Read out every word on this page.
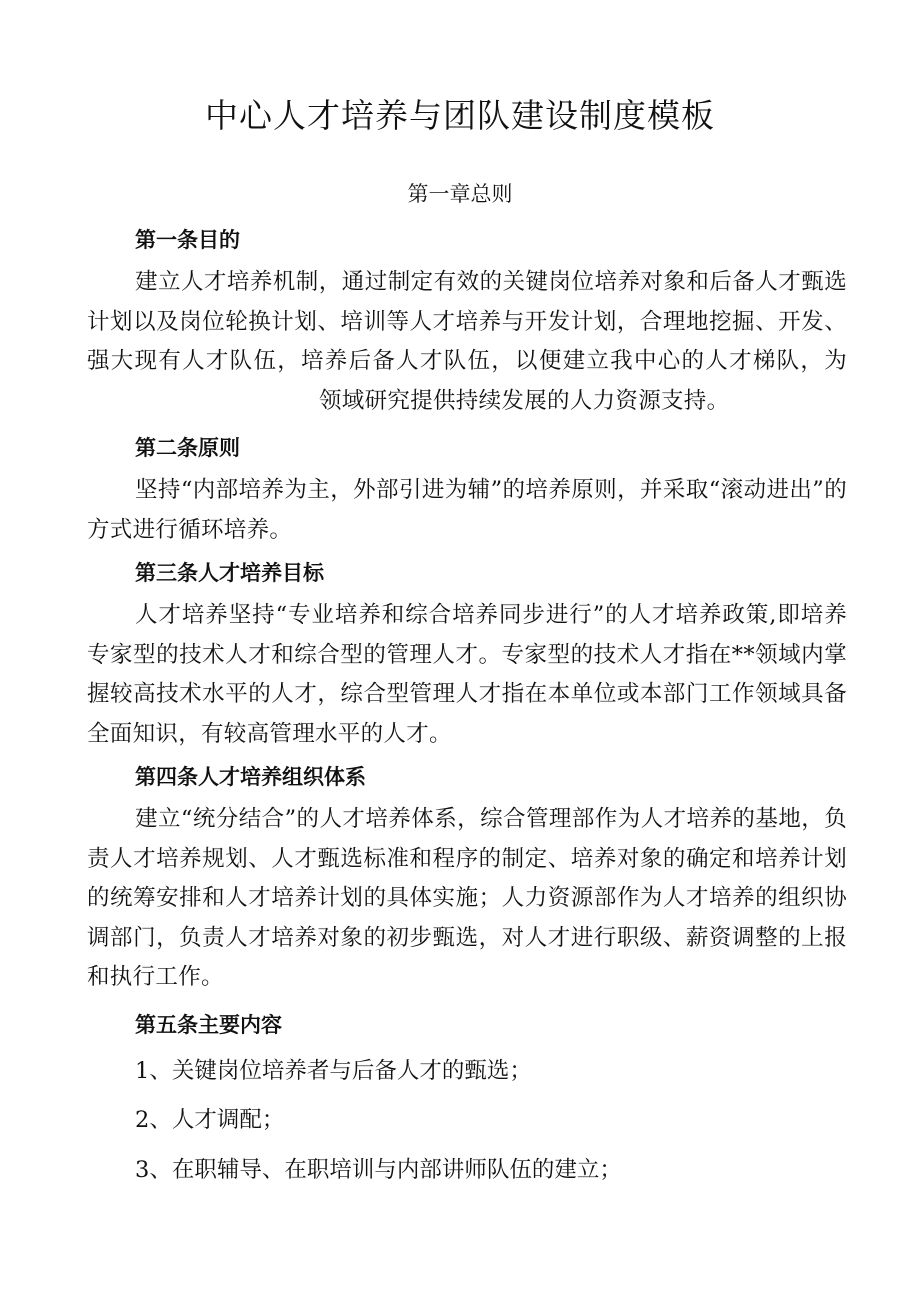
中心人才培养与团队建设制度模板
第一章总则

第一条目的

建立人才培养机制，通过制定有效的关键岗位培养对象和后备人才甄选计划以及岗位轮换计划、培训等人才培养与开发计划，合理地挖掘、开发、强大现有人才队伍，培养后备人才队伍，以便建立我中心的人才梯队，为领域研究提供持续发展的人力资源支持。

第二条原则

坚持“内部培养为主，外部引进为辅”的培养原则，并采取“滚动进出”的方式进行循环培养。

第三条人才培养目标

人才培养坚持“专业培养和综合培养同步进行”的人才培养政策,即培养专家型的技术人才和综合型的管理人才。专家型的技术人才指在**领域内掌握较高技术水平的人才，综合型管理人才指在本单位或本部门工作领域具备全面知识，有较高管理水平的人才。

第四条人才培养组织体系

建立“统分结合”的人才培养体系，综合管理部作为人才培养的基地，负责人才培养规划、人才甄选标准和程序的制定、培养对象的确定和培养计划的统筹安排和人才培养计划的具体实施；人力资源部作为人才培养的组织协调部门，负责人才培养对象的初步甄选，对人才进行职级、薪资调整的上报和执行工作。

第五条主要内容

1、关键岗位培养者与后备人才的甄选；

2、人才调配；

3、在职辅导、在职培训与内部讲师队伍的建立；
